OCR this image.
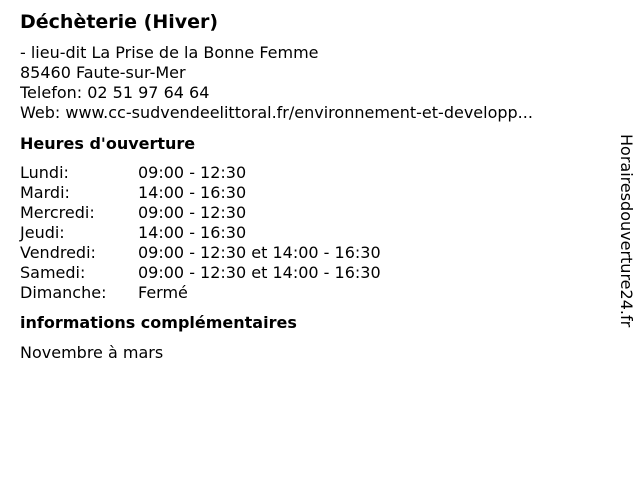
Déchèterie (Hiver)
- lieu-dit La Prise de la Bonne Femme
85460 Faute-sur-Mer
Telefon: 02 51 97 64 64
Web: www.cc-sudvendeelittoral.fr/environnement-et-developp...
Heures d'ouverture
Lundi:	09:00 - 12:30
Mardi:	14:00 - 16:30
Mercredi:	09:00 - 12:30
Jeudi:	14:00 - 16:30
Vendredi:	09:00 - 12:30 et 14:00 - 16:30
Samedi:	09:00 - 12:30 et 14:00 - 16:30
Dimanche:	Fermé
informations complémentaires
Novembre à mars
Horairesdouverture24.fr
